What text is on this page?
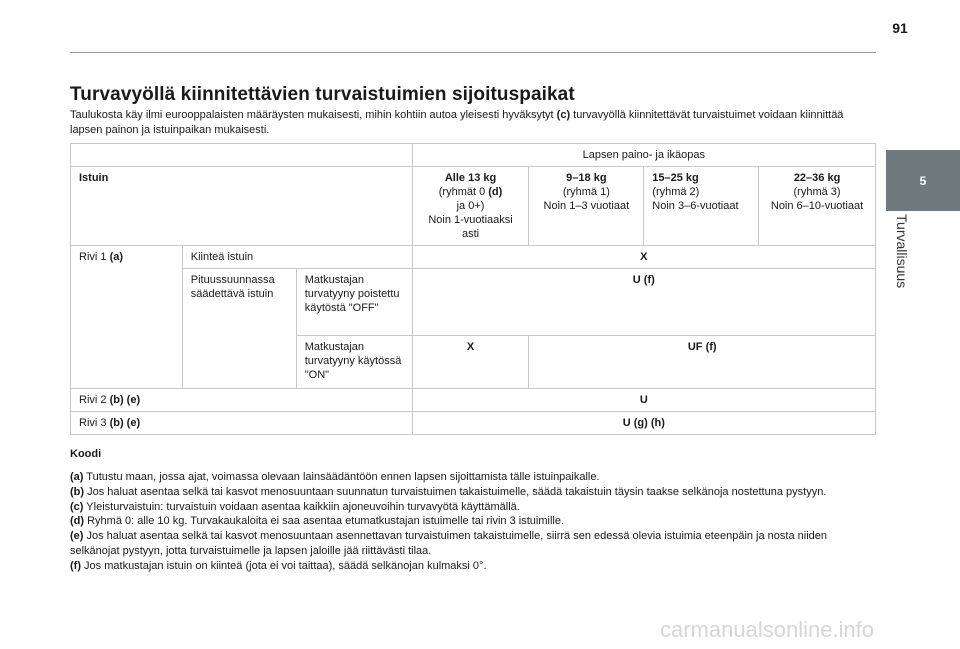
91
5
Turvallisuus
Turvavyöllä kiinnitettävien turvaistuimien sijoituspaikat
Taulukosta käy ilmi eurooppalaisten määräysten mukaisesti, mihin kohtiin autoa yleisesti hyväksytyt (c) turvavyöllä kiinnitettävät turvaistuimet voidaan kiinnittää lapsen painon ja istuinpaikan mukaisesti.
			Lapsen paino- ja ikäopas			
Istuin			Alle 13 kg
(ryhmät 0 (d)
ja 0+)
Noin 1-vuotiaaksi asti	9–18 kg
(ryhmä 1)
Noin 1–3 vuotiaat	15–25 kg
(ryhmä 2)
Noin 3–6-vuotiaat	22–36 kg
(ryhmä 3)
Noin 6–10-vuotiaat
Rivi 1 (a)	Kiinteä istuin		X			
	Pituussuunnassa säädettävä istuin	Matkustajan turvatyyny poistettu käytöstä "OFF"	U (f)			
		Matkustajan turvatyyny käytössä "ON"	X	UF (f)		
Rivi 2 (b) (e)			U			
Rivi 3 (b) (e)			U (g) (h)			
Koodi

(a) Tutustu maan, jossa ajat, voimassa olevaan lainsäädäntöön ennen lapsen sijoittamista tälle istuinpaikalle.

(b) Jos haluat asentaa selkä tai kasvot menosuuntaan suunnatun turvaistuimen takaistuimelle, säädä takaistuin täysin taakse selkänoja nostettuna pystyyn.

(c) Yleisturvaistuin: turvaistuin voidaan asentaa kaikkiin ajoneuvoihin turvavyötä käyttämällä.

(d) Ryhmä 0: alle 10 kg. Turvakaukaloita ei saa asentaa etumatkustajan istuimelle tai rivin 3 istuimille.

(e) Jos haluat asentaa selkä tai kasvot menosuuntaan asennettavan turvaistuimen takaistuimelle, siirrä sen edessä olevia istuimia eteenpäin ja nosta niiden selkänojat pystyyn, jotta turvaistuimelle ja lapsen jaloille jää riittävästi tilaa.

(f) Jos matkustajan istuin on kiinteä (jota ei voi taittaa), säädä selkänojan kulmaksi 0°.

carmanualsonline.info
